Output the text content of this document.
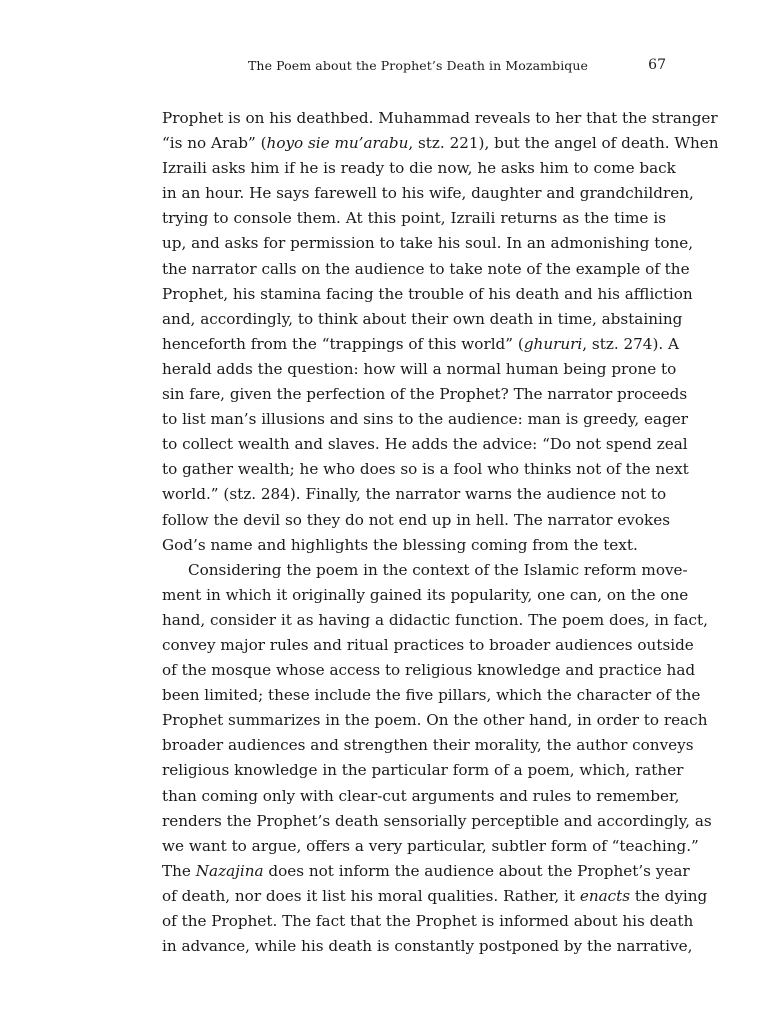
The Poem about the Prophet’s Death in Mozambique	67
Prophet is on his deathbed. Muhammad reveals to her that the stranger
“is no Arab” (hoyo sie mu’arabu, stz. 221), but the angel of death. When
Izraili asks him if he is ready to die now, he asks him to come back
in an hour. He says farewell to his wife, daughter and grandchildren,
trying to console them. At this point, Izraili returns as the time is
up, and asks for permission to take his soul. In an admonishing tone,
the narrator calls on the audience to take note of the example of the
Prophet, his stamina facing the trouble of his death and his affliction
and, accordingly, to think about their own death in time, abstaining
henceforth from the “trappings of this world” (ghururi, stz. 274). A
herald adds the question: how will a normal human being prone to
sin fare, given the perfection of the Prophet? The narrator proceeds
to list man’s illusions and sins to the audience: man is greedy, eager
to collect wealth and slaves. He adds the advice: “Do not spend zeal
to gather wealth; he who does so is a fool who thinks not of the next
world.” (stz. 284). Finally, the narrator warns the audience not to
follow the devil so they do not end up in hell. The narrator evokes
God’s name and highlights the blessing coming from the text.
Considering the poem in the context of the Islamic reform move-
ment in which it originally gained its popularity, one can, on the one
hand, consider it as having a didactic function. The poem does, in fact,
convey major rules and ritual practices to broader audiences outside
of the mosque whose access to religious knowledge and practice had
been limited; these include the five pillars, which the character of the
Prophet summarizes in the poem. On the other hand, in order to reach
broader audiences and strengthen their morality, the author conveys
religious knowledge in the particular form of a poem, which, rather
than coming only with clear-cut arguments and rules to remember,
renders the Prophet’s death sensorially perceptible and accordingly, as
we want to argue, offers a very particular, subtler form of “teaching.”
The Nazajina does not inform the audience about the Prophet’s year
of death, nor does it list his moral qualities. Rather, it enacts the dying
of the Prophet. The fact that the Prophet is informed about his death
in advance, while his death is constantly postponed by the narrative,
